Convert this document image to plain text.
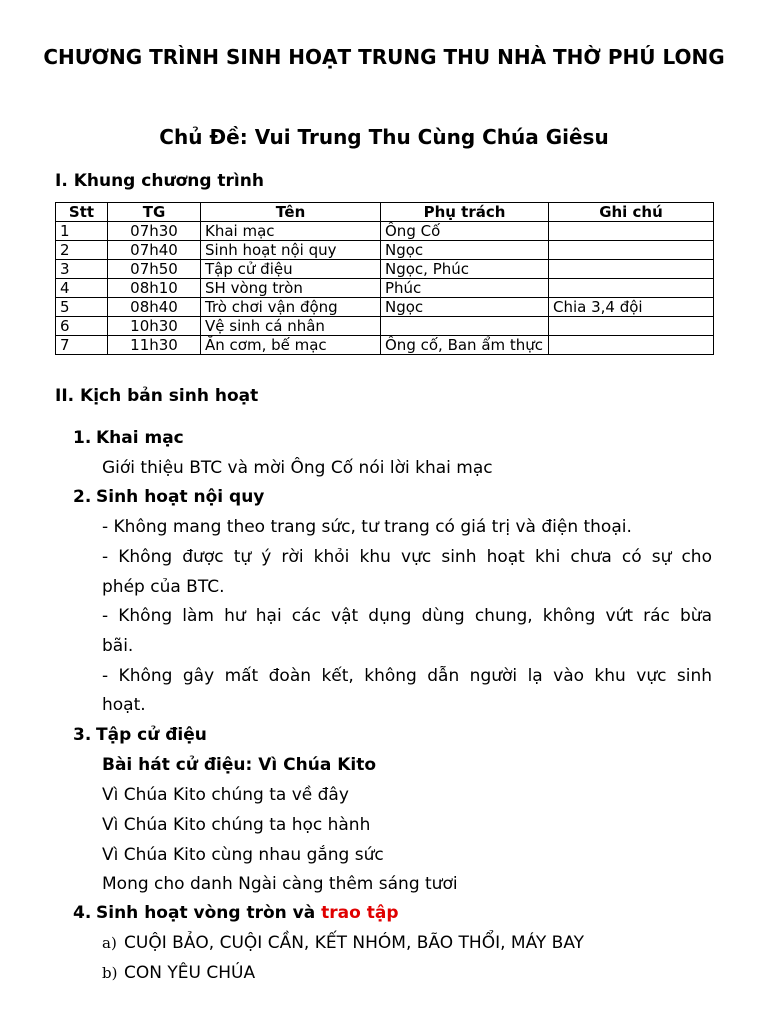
CHƯƠNG TRÌNH SINH HOẠT TRUNG THU NHÀ THỜ PHÚ LONG
Chủ Đề: Vui Trung Thu Cùng Chúa Giêsu
I. Khung chương trình
Stt	TG	Tên	Phụ trách	Ghi chú
1	07h30	Khai mạc	Ông Cố	
2	07h40	Sinh hoạt nội quy	Ngọc	
3	07h50	Tập cử điệu	Ngọc, Phúc	
4	08h10	SH vòng tròn	Phúc	
5	08h40	Trò chơi vận động	Ngọc	Chia 3,4 đội
6	10h30	Vệ sinh cá nhân		
7	11h30	Ăn cơm, bế mạc	Ông cố, Ban ẩm thực	
II. Kịch bản sinh hoạt
1. Khai mạc
Giới thiệu BTC và mời Ông Cố nói lời khai mạc
2. Sinh hoạt nội quy
- Không mang theo trang sức, tư trang có giá trị và điện thoại.
- Không được tự ý rời khỏi khu vực sinh hoạt khi chưa có sự cho
phép của BTC.
- Không làm hư hại các vật dụng dùng chung, không vứt rác bừa
bãi.
- Không gây mất đoàn kết, không dẫn người lạ vào khu vực sinh
hoạt.
3. Tập cử điệu
Bài hát cử điệu: Vì Chúa Kito
Vì Chúa Kito chúng ta về đây
Vì Chúa Kito chúng ta học hành
Vì Chúa Kito cùng nhau gắng sức
Mong cho danh Ngài càng thêm sáng tươi
4. Sinh hoạt vòng tròn và trao tập
a) CUỘI BẢO, CUỘI CẦN, KẾT NHÓM, BÃO THỔI, MÁY BAY
b) CON YÊU CHÚA
